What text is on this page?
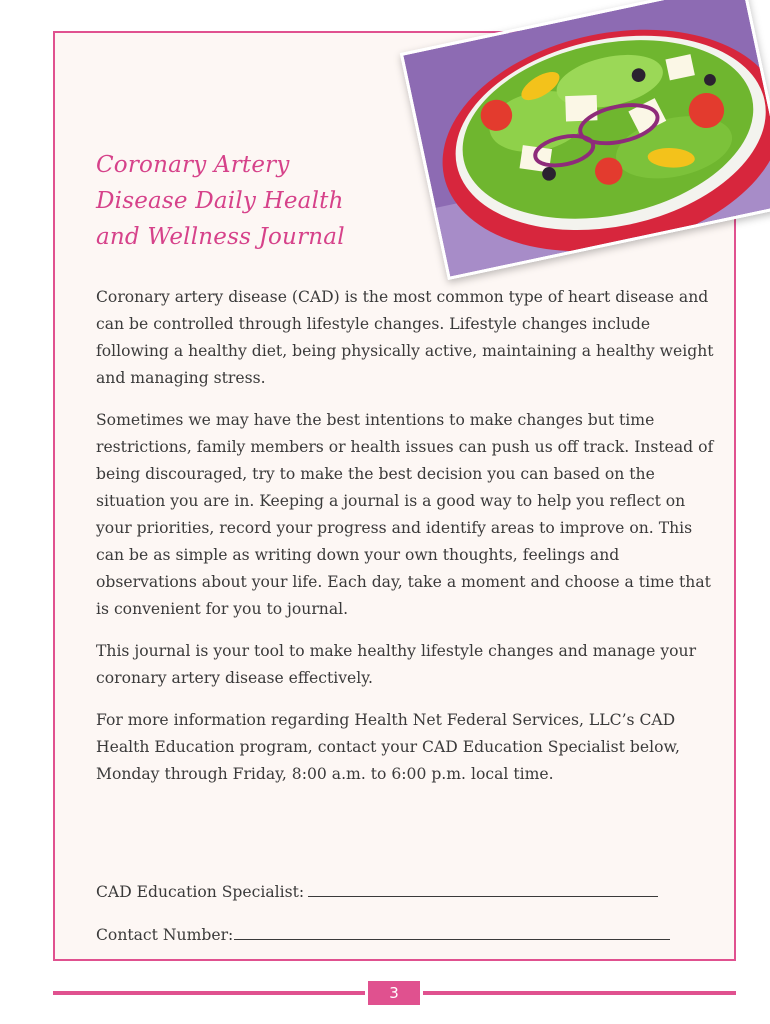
Coronary Artery
Disease Daily Health
and Wellness Journal

Coronary artery disease (CAD) is the most common type of heart disease and can be controlled through lifestyle changes. Lifestyle changes include following a healthy diet, being physically active, maintaining a healthy weight and managing stress.

Sometimes we may have the best intentions to make changes but time restrictions, family members or health issues can push us off track. Instead of being discouraged, try to make the best decision you can based on the situation you are in. Keeping a journal is a good way to help you reflect on your priorities, record your progress and identify areas to improve on. This can be as simple as writing down your own thoughts, feelings and observations about your life. Each day, take a moment and choose a time that is convenient for you to journal.

This journal is your tool to make healthy lifestyle changes and manage your coronary artery disease effectively.

For more information regarding Health Net Federal Services, LLC’s CAD Health Education program, contact your CAD Education Specialist below, Monday through Friday, 8:00 a.m. to 6:00 p.m. local time.

CAD Education Specialist:

Contact Number:

3
